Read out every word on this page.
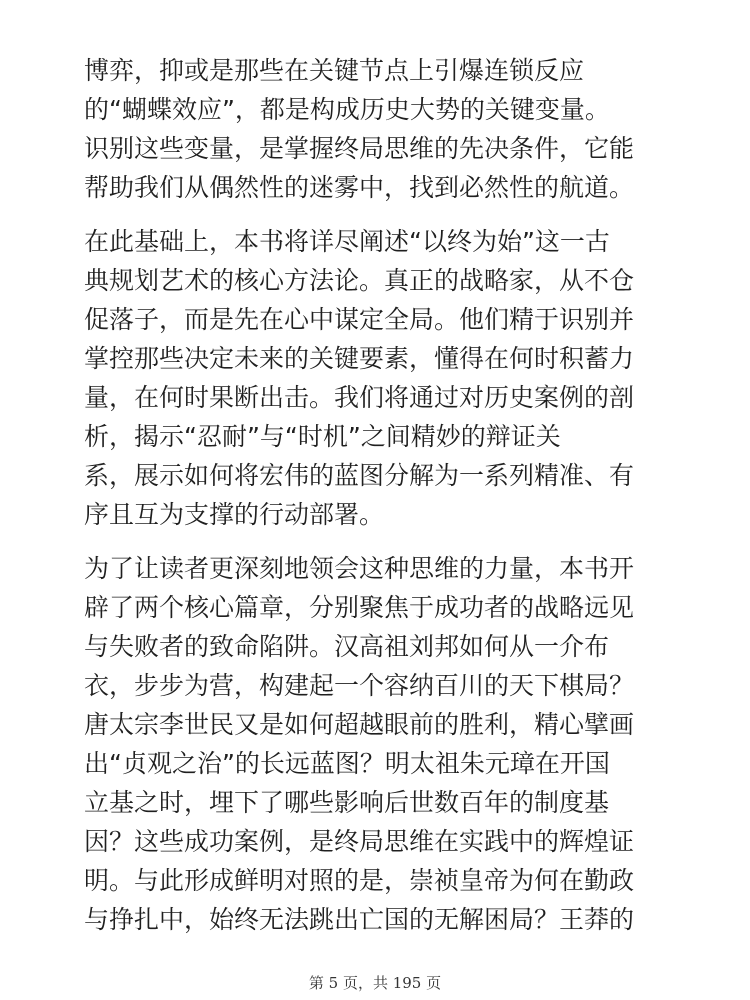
博弈，抑或是那些在关键节点上引爆连锁反应
的“蝴蝶效应”，都是构成历史大势的关键变量。
识别这些变量，是掌握终局思维的先决条件，它能
帮助我们从偶然性的迷雾中，找到必然性的航道。

在此基础上，本书将详尽阐述“以终为始”这一古
典规划艺术的核心方法论。真正的战略家，从不仓
促落子，而是先在心中谋定全局。他们精于识别并
掌控那些决定未来的关键要素，懂得在何时积蓄力
量，在何时果断出击。我们将通过对历史案例的剖
析，揭示“忍耐”与“时机”之间精妙的辩证关
系，展示如何将宏伟的蓝图分解为一系列精准、有
序且互为支撑的行动部署。

为了让读者更深刻地领会这种思维的力量，本书开
辟了两个核心篇章，分别聚焦于成功者的战略远见
与失败者的致命陷阱。汉高祖刘邦如何从一介布
衣，步步为营，构建起一个容纳百川的天下棋局？
唐太宗李世民又是如何超越眼前的胜利，精心擘画
出“贞观之治”的长远蓝图？明太祖朱元璋在开国
立基之时，埋下了哪些影响后世数百年的制度基
因？这些成功案例，是终局思维在实践中的辉煌证
明。与此形成鲜明对照的是，崇祯皇帝为何在勤政
与挣扎中，始终无法跳出亡国的无解困局？王莽的

第 5 页，共 195 页
